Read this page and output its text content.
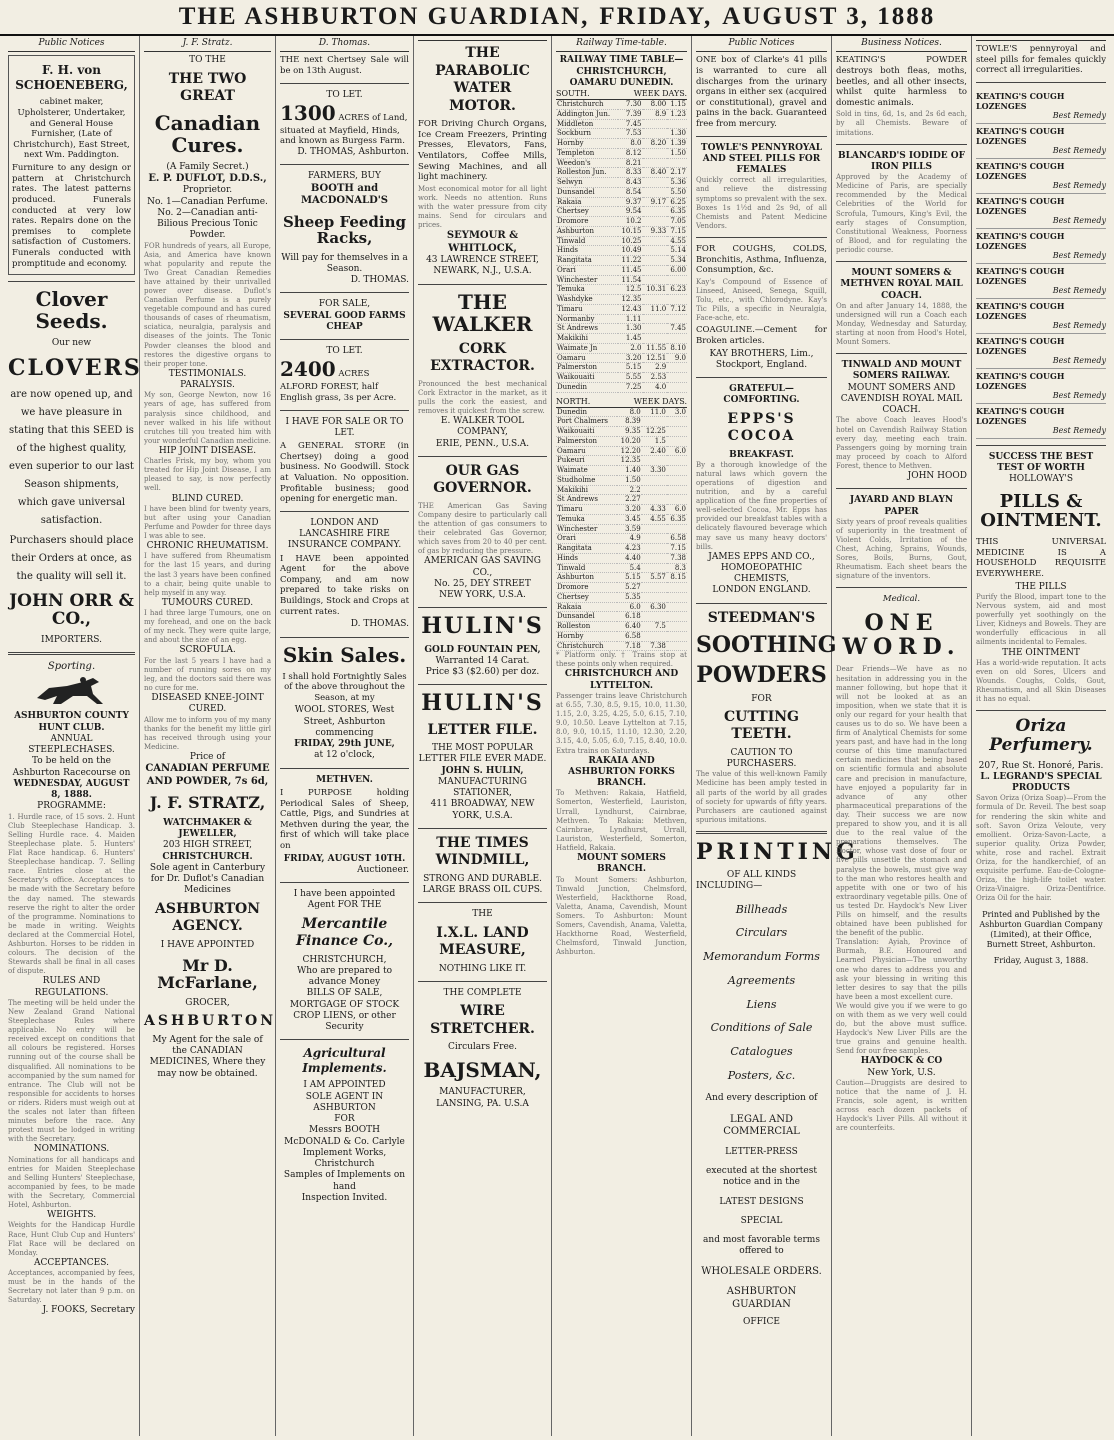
THE ASHBURTON GUARDIAN, FRIDAY, AUGUST 3, 1888
Public Notices
F. H. von SCHOENEBERG,

cabinet maker, Upholsterer, Undertaker, and General House Furnisher, (Late of Christchurch), East Street, next Wm. Paddington.

Furniture to any design or pattern at Christchurch rates. The latest patterns produced. Funerals conducted at very low rates. Repairs done on the premises to complete satisfaction of Customers. Funerals conducted with promptitude and economy.

Clover Seeds.
Our new
CLOVERS

are now opened up, and we have pleasure in stating that this SEED is of the highest quality, even superior to our last Season shipments, which gave universal satisfaction.

Purchasers should place their Orders at once, as the quality will sell it.

JOHN ORR & CO.,
IMPORTERS.
Sporting.
ASHBURTON COUNTY HUNT CLUB.
ANNUAL STEEPLECHASES.
To be held on the Ashburton Racecourse on
WEDNESDAY, AUGUST 8, 1888.
PROGRAMME:
1. Hurdle race, of 15 sovs. 2. Hunt Club Steeplechase Handicap. 3. Selling Hurdle race. 4. Maiden Steeplechase plate. 5. Hunters' Flat Race handicap. 6. Hunters' Steeplechase handicap. 7. Selling race. Entries close at the Secretary's office. Acceptances to be made with the Secretary before the day named. The stewards reserve the right to alter the order of the programme. Nominations to be made in writing. Weights declared at the Commercial Hotel, Ashburton. Horses to be ridden in colours. The decision of the Stewards shall be final in all cases of dispute.
RULES AND REGULATIONS.
The meeting will be held under the New Zealand Grand National Steeplechase Rules where applicable. No entry will be received except on conditions that all colours be registered. Horses running out of the course shall be disqualified. All nominations to be accompanied by the sum named for entrance. The Club will not be responsible for accidents to horses or riders. Riders must weigh out at the scales not later than fifteen minutes before the race. Any protest must be lodged in writing with the Secretary.
NOMINATIONS.
Nominations for all handicaps and entries for Maiden Steeplechase and Selling Hunters' Steeplechase, accompanied by fees, to be made with the Secretary, Commercial Hotel, Ashburton.
WEIGHTS.
Weights for the Handicap Hurdle Race, Hunt Club Cup and Hunters' Flat Race will be declared on Monday.
ACCEPTANCES.
Acceptances, accompanied by fees, must be in the hands of the Secretary not later than 9 p.m. on Saturday.
J. FOOKS, Secretary
J. F. Stratz.
TO THE
THE TWO GREAT
Canadian Cures.
(A Family Secret.)
E. P. DUFLOT, D.D.S.,
Proprietor.
No. 1—Canadian Perfume.
No. 2—Canadian anti-Bilious Precious Tonic Powder.
FOR hundreds of years, all Europe, Asia, and America have known what popularity and repute the Two Great Canadian Remedies have attained by their unrivalled power over disease. Duflot's Canadian Perfume is a purely vegetable compound and has cured thousands of cases of rheumatism, sciatica, neuralgia, paralysis and diseases of the joints. The Tonic Powder cleanses the blood and restores the digestive organs to their proper tone.
TESTIMONIALS.
PARALYSIS.
My son, George Newton, now 16 years of age, has suffered from paralysis since childhood, and never walked in his life without crutches till you treated him with your wonderful Canadian medicine.
HIP JOINT DISEASE.
Charles Frisk, my boy, whom you treated for Hip Joint Disease, I am pleased to say, is now perfectly well.
BLIND CURED.
I have been blind for twenty years, but after using your Canadian Perfume and Powder for three days I was able to see.
CHRONIC RHEUMATISM.
I have suffered from Rheumatism for the last 15 years, and during the last 3 years have been confined to a chair, being quite unable to help myself in any way.
TUMOURS CURED.
I had three large Tumours, one on my forehead, and one on the back of my neck. They were quite large, and about the size of an egg.
SCROFULA.
For the last 5 years I have had a number of running sores on my leg, and the doctors said there was no cure for me.
DISEASED KNEE-JOINT CURED.
Allow me to inform you of my many thanks for the benefit my little girl has received through using your Medicine.
Price of
CANADIAN PERFUME AND POWDER, 7s 6d,
J. F. STRATZ,
WATCHMAKER & JEWELLER,
203 HIGH STREET,
CHRISTCHURCH.
Sole agent in Canterbury for Dr. Duflot's Canadian Medicines
ASHBURTON AGENCY.
I HAVE APPOINTED
Mr D. McFarlane,
GROCER,
ASHBURTON
My Agent for the sale of the CANADIAN MEDICINES, Where they may now be obtained.
D. Thomas.

THE next Chertsey Sale will be on 13th August.

TO LET.
1300 ACRES of Land, situated at Mayfield, Hinds, and known as Burgess Farm.
D. THOMAS, Ashburton.
FARMERS, BUY
BOOTH and MACDONALD'S
Sheep Feeding Racks,
Will pay for themselves in a Season.
D. THOMAS.
FOR SALE,
SEVERAL GOOD FARMS CHEAP
TO LET.
2400 ACRES ALFORD FOREST, half English grass, 3s per Acre.
I HAVE FOR SALE OR TO LET.

A GENERAL STORE (in Chertsey) doing a good business. No Goodwill. Stock at Valuation. No opposition. Profitable business; good opening for energetic man.

LONDON AND LANCASHIRE FIRE INSURANCE COMPANY.

I HAVE been appointed Agent for the above Company, and am now prepared to take risks on Buildings, Stock and Crops at current rates.

D. THOMAS.
Skin Sales.

I shall hold Fortnightly Sales of the above throughout the Season, at my

WOOL STORES, West Street, Ashburton
commencing
FRIDAY, 29th JUNE,
at 12 o'clock,
METHVEN.

I PURPOSE holding Periodical Sales of Sheep, Cattle, Pigs, and Sundries at Methven during the year, the first of which will take place on

FRIDAY, AUGUST 10TH.
Auctioneer.
I have been appointed Agent FOR THE
Mercantile Finance Co.,
CHRISTCHURCH,
Who are prepared to advance Money
BILLS OF SALE,
MORTGAGE OF STOCK
CROP LIENS, or other Security
Agricultural Implements.
I AM APPOINTED
SOLE AGENT IN ASHBURTON
FOR
Messrs BOOTH McDONALD & Co. Carlyle Implement Works,
Christchurch
Samples of Implements on hand
Inspection Invited.
THE PARABOLIC WATER MOTOR.

FOR Driving Church Organs, Ice Cream Freezers, Printing Presses, Elevators, Fans, Ventilators, Coffee Mills, Sewing Machines, and all light machinery.

Most economical motor for all light work. Needs no attention. Runs with the water pressure from city mains. Send for circulars and prices.
SEYMOUR & WHITLOCK,
43 LAWRENCE STREET,
NEWARK, N.J., U.S.A.
THE WALKER
CORK EXTRACTOR.
Pronounced the best mechanical Cork Extractor in the market, as it pulls the cork the easiest, and removes it quickest from the screw.
E. WALKER TOOL COMPANY,
ERIE, PENN., U.S.A.
OUR GAS GOVERNOR.
THE American Gas Saving Company desire to particularly call the attention of gas consumers to their celebrated Gas Governor, which saves from 20 to 40 per cent. of gas by reducing the pressure.
AMERICAN GAS SAVING CO.,
No. 25, DEY STREET
NEW YORK, U.S.A.
HULIN'S
GOLD FOUNTAIN PEN,
Warranted 14 Carat.
Price $3 ($2.60) per doz.
HULIN'S
LETTER FILE.
THE MOST POPULAR LETTER FILE EVER MADE.
JOHN S. HULIN,
MANUFACTURING STATIONER,
411 BROADWAY, NEW YORK, U.S.A.
THE TIMES WINDMILL,
STRONG AND DURABLE.
LARGE BRASS OIL CUPS.
THE
I.X.L. LAND MEASURE,
NOTHING LIKE IT.
THE COMPLETE
WIRE STRETCHER.
Circulars Free.
BAJSMAN,
MANUFACTURER,
LANSING, PA. U.S.A
Railway Time-table.
RAILWAY TIME TABLE—CHRISTCHURCH, OAMARU DUNEDIN.
SOUTH.	WEEK DAYS.
Christchurch	7.30	8.00	1.15
Addington Jun.	7.39	8.9	1.23
Middleton	7.45		
Sockburn	7.53		1.30
Hornby	8.0	8.20	1.39
Templeton	8.12		1.50
Weedon's	8.21		
Rolleston Jun.	8.33	8.40	2.17
Selwyn	8.43		5.36
Dunsandel	8.54		5.50
Rakaia	9.37	9.17	6.25
Chertsey	9.54		6.35
Dromore	10.2		7.05
Ashburton	10.15	9.33	7.15
Tinwald	10.25		4.55
Hinds	10.49		5.14
Rangitata	11.22		5.34
Orari	11.45		6.00
Winchester	11.54		
Temuka	12.5	10.31	6.23
Washdyke	12.35		
Timaru	12.43	11.0	7.12
Normanby	1.11		
St Andrews	1.30		7.45
Makikihi	1.45		
Waimate Jn	2.0	11.55	8.10
Oamaru	3.20	12.51	9.0
Palmerston	5.15	2.9	
Waikouaiti	5.55	2.53	
Dunedin	7.25	4.0	
NORTH.	WEEK DAYS.
Dunedin	8.0	11.0	3.0
Port Chalmers	8.39		
Waikouaiti	9.35	12.25	
Palmerston	10.20	1.5	
Oamaru	12.20	2.40	6.0
Pukeuri	12.35		
Waimate	1.40	3.30	
Studholme	1.50		
Makikihi	2.2		
St Andrews	2.27		
Timaru	3.20	4.33	6.0
Temuka	3.45	4.55	6.35
Winchester	3.59		
Orari	4.9		6.58
Rangitata	4.23		7.15
Hinds	4.40		7.38
Tinwald	5.4		8.3
Ashburton	5.15	5.57	8.15
Dromore	5.27		
Chertsey	5.35		
Rakaia	6.0	6.30	
Dunsandel	6.18		
Rolleston	6.40	7.5	
Hornby	6.58		
Christchurch	7.18	7.38	
* Platform only. † Trains stop at these points only when required.
CHRISTCHURCH AND LYTTELTON.
Passenger trains leave Christchurch at 6.55, 7.30, 8.5, 9.15, 10.0, 11.30, 1.15, 2.0, 3.25, 4.25, 5.0, 6.15, 7.10, 9.0, 10.50. Leave Lyttelton at 7.15, 8.0, 9.0, 10.15, 11.10, 12.30, 2.20, 3.15, 4.0, 5.05, 6.0, 7.15, 8.40, 10.0. Extra trains on Saturdays.
RAKAIA AND ASHBURTON FORKS BRANCH.
To Methven: Rakaia, Hatfield, Somerton, Westerfield, Lauriston, Urrall, Lyndhurst, Cairnbrae, Methven. To Rakaia: Methven, Cairnbrae, Lyndhurst, Urrall, Lauriston, Westerfield, Somerton, Hatfield, Rakaia.
MOUNT SOMERS BRANCH.
To Mount Somers: Ashburton, Tinwald Junction, Chelmsford, Westerfield, Hackthorne Road, Valetta, Anama, Cavendish, Mount Somers. To Ashburton: Mount Somers, Cavendish, Anama, Valetta, Hackthorne Road, Westerfield, Chelmsford, Tinwald Junction, Ashburton.
Public Notices

ONE box of Clarke's 41 pills is warranted to cure all discharges from the urinary organs in either sex (acquired or constitutional), gravel and pains in the back. Guaranteed free from mercury.

TOWLE'S PENNYROYAL AND STEEL PILLS FOR FEMALES
Quickly correct all irregularities, and relieve the distressing symptoms so prevalent with the sex. Boxes 1s 1½d and 2s 9d, of all Chemists and Patent Medicine Vendors.

FOR COUGHS, COLDS, Bronchitis, Asthma, Influenza, Consumption, &c.

Kay's Compound of Essence of Linseed, Aniseed, Senega, Squill, Tolu, etc., with Chlorodyne. Kay's Tic Pills, a specific in Neuralgia, Face-ache, etc.

COAGULINE.—Cement for Broken articles.

KAY BROTHERS, Lim., Stockport, England.
GRATEFUL—COMFORTING.
EPPS'S COCOA
BREAKFAST.
By a thorough knowledge of the natural laws which govern the operations of digestion and nutrition, and by a careful application of the fine properties of well-selected Cocoa, Mr. Epps has provided our breakfast tables with a delicately flavoured beverage which may save us many heavy doctors' bills.
JAMES EPPS AND CO.,
HOMOEOPATHIC CHEMISTS,
LONDON ENGLAND.
STEEDMAN'S
SOOTHING
POWDERS
FOR
CUTTING TEETH.
CAUTION TO PURCHASERS.
The value of this well-known Family Medicine has been amply tested in all parts of the world by all grades of society for upwards of fifty years. Purchasers are cautioned against spurious imitations.
PRINTING
OF ALL KINDS
INCLUDING—
Billheads
Circulars
Memorandum Forms
Agreements
Liens
Conditions of Sale
Catalogues
Posters, &c.
And every description of
LEGAL AND COMMERCIAL
LETTER-PRESS
executed at the shortest notice and in the
LATEST DESIGNS
SPECIAL
and most favorable terms offered to
WHOLESALE ORDERS.
ASHBURTON GUARDIAN
OFFICE
Business Notices.

KEATING'S POWDER destroys both fleas, moths, beetles, and all other insects, whilst quite harmless to domestic animals.

Sold in tins, 6d, 1s, and 2s 6d each, by all Chemists. Beware of imitations.
BLANCARD'S IODIDE OF IRON PILLS
Approved by the Academy of Medicine of Paris, are specially recommended by the Medical Celebrities of the World for Scrofula, Tumours, King's Evil, the early stages of Consumption, Constitutional Weakness, Poorness of Blood, and for regulating the periodic course.
MOUNT SOMERS & METHVEN ROYAL MAIL COACH.
On and after January 14, 1888, the undersigned will run a Coach each Monday, Wednesday and Saturday, starting at noon from Hood's Hotel, Mount Somers.
TINWALD AND MOUNT SOMERS RAILWAY.
MOUNT SOMERS AND CAVENDISH ROYAL MAIL COACH.
The above Coach leaves Hood's hotel on Cavendish Railway Station every day, meeting each train. Passengers going by morning train may proceed by coach to Alford Forest, thence to Methven.
JOHN HOOD
JAYARD AND BLAYN PAPER
Sixty years of proof reveals qualities of superiority in the treatment of Violent Colds, Irritation of the Chest, Aching, Sprains, Wounds, Sores, Boils, Burns, Gout, Rheumatism. Each sheet bears the signature of the inventors.
Medical.
ONE WORD.
Dear Friends—We have as no hesitation in addressing you in the manner following, but hope that it will not be looked at as an imposition, when we state that it is only our regard for your health that causes us to do so. We have been a firm of Analytical Chemists for some years past, and have had in the long course of this time manufactured certain medicines that being based on scientific formula and absolute care and precision in manufacture, have enjoyed a popularity far in advance of any other pharmaceutical preparations of the day. Their success we are now prepared to show you, and it is all due to the real value of the preparations themselves. The Doctor, whose vast dose of four or five pills unsettle the stomach and paralyse the bowels, must give way to the man who restores health and appetite with one or two of his extraordinary vegetable pills. One of us tested Dr. Haydock's New Liver Pills on himself, and the results obtained have been published for the benefit of the public.
Translation: Ayiah, Province of Burmah, B.E. Honoured and Learned Physician—The unworthy one who dares to address you and ask your blessing in writing this letter desires to say that the pills have been a most excellent cure.
We would give you if we were to go on with them as we very well could do, but the above must suffice. Haydock's New Liver Pills are the true grains and genuine health. Send for our free samples.
HAYDOCK & CO
New York, U.S.
Caution—Druggists are desired to notice that the name of J. H. Francis, sole agent, is written across each dozen packets of Haydock's Liver Pills. All without it are counterfeits.

TOWLE'S pennyroyal and steel pills for females quickly correct all irregularities.

KEATING'S COUGH LOZENGES
Best Remedy
KEATING'S COUGH LOZENGES
Best Remedy
KEATING'S COUGH LOZENGES
Best Remedy
KEATING'S COUGH LOZENGES
Best Remedy
KEATING'S COUGH LOZENGES
Best Remedy
KEATING'S COUGH LOZENGES
Best Remedy
KEATING'S COUGH LOZENGES
Best Remedy
KEATING'S COUGH LOZENGES
Best Remedy
KEATING'S COUGH LOZENGES
Best Remedy
KEATING'S COUGH LOZENGES
Best Remedy
SUCCESS THE BEST TEST OF WORTH
HOLLOWAY'S
PILLS & OINTMENT.

THIS UNIVERSAL MEDICINE IS A HOUSEHOLD REQUISITE EVERYWHERE.

THE PILLS
Purify the Blood, impart tone to the Nervous system, aid and most powerfully yet soothingly on the Liver, Kidneys and Bowels. They are wonderfully efficacious in all ailments incidental to Females.
THE OINTMENT
Has a world-wide reputation. It acts even on old Sores, Ulcers and Wounds. Coughs, Colds, Gout, Rheumatism, and all Skin Diseases it has no equal.
Oriza Perfumery.
207, Rue St. Honoré, Paris.
L. LEGRAND'S SPECIAL PRODUCTS
Savon Oriza (Oriza Soap)—From the formula of Dr. Reveil. The best soap for rendering the skin white and soft. Savon Oriza Veloute, very emollient. Oriza-Savon-Lacte, a superior quality. Oriza Powder, white, rose and rachel. Extrait Oriza, for the handkerchief, of an exquisite perfume. Eau-de-Cologne-Oriza, the high-life toilet water. Oriza-Vinaigre. Oriza-Dentifrice. Oriza Oil for the hair.
Printed and Published by the Ashburton Guardian Company (Limited), at their Office, Burnett Street, Ashburton.
Friday, August 3, 1888.
